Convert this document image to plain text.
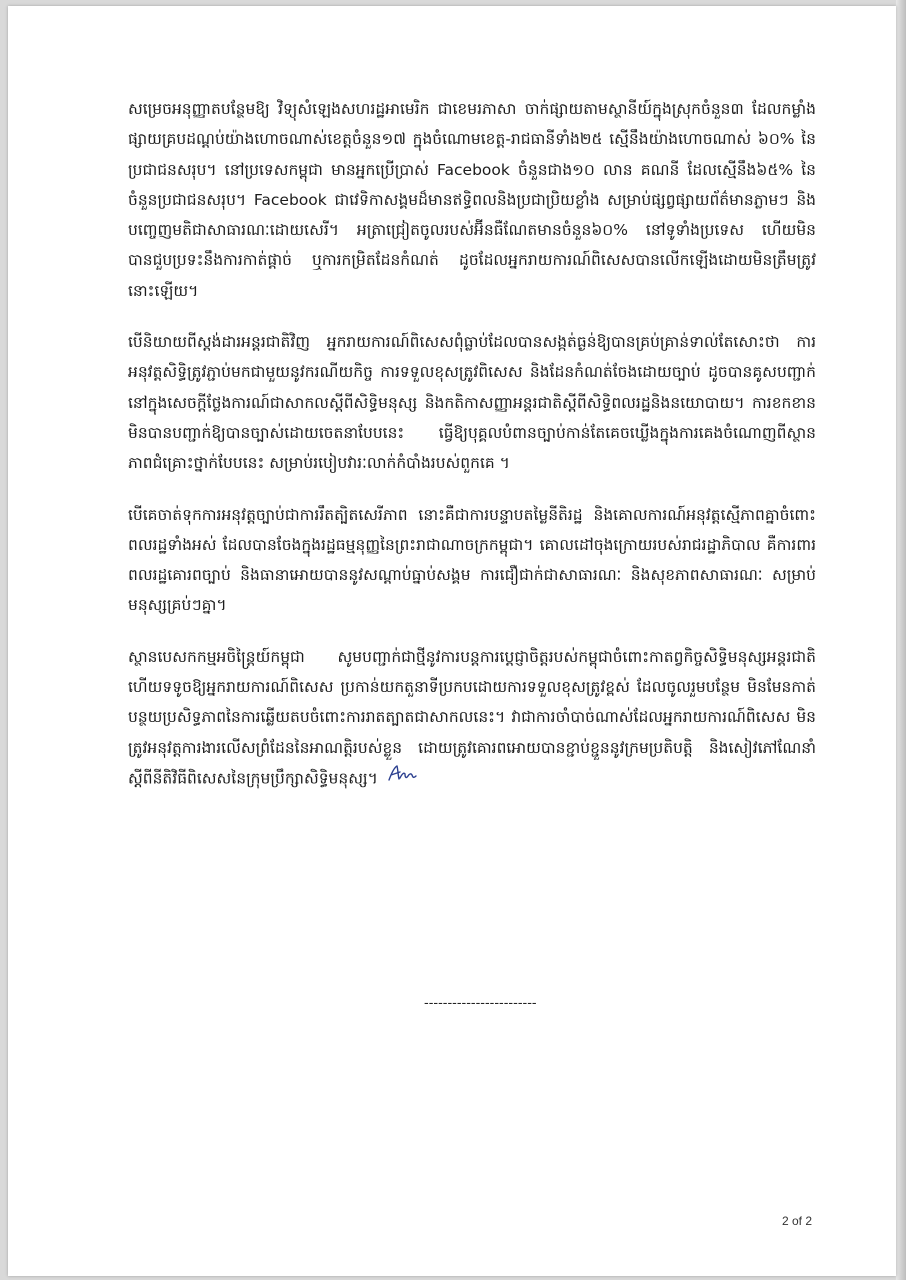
សម្រេចអនុញ្ញាតបន្ថែមឱ្យ វិទ្យុសំឡេងសហរដ្ឋអាមេរិក ជាខេមរភាសា ចាក់ផ្សាយតាមស្ថានីយ៍ក្នុងស្រុកចំនួន៣ ដែលកម្លាំងផ្សាយគ្របដណ្តប់យ៉ាងហោចណាស់ខេត្តចំនួន១៧ ក្នុងចំណោមខេត្ត-រាជធានីទាំង២៥ ស្មើនឹងយ៉ាងហោចណាស់ ៦០% នៃប្រជាជនសរុប។ នៅប្រទេសកម្ពុជា មានអ្នកប្រើប្រាស់ Facebook ចំនួនជាង១០ លាន គណនី ដែលស្មើនឹង៦៥% នៃចំនួនប្រជាជនសរុប។ Facebook ជាវេទិកាសង្គមដ៏មានឥទ្ធិពលនិងប្រជាប្រិយខ្លាំង សម្រាប់ផ្សព្វផ្សាយព័ត៌មានភ្លាមៗ និងបញ្ចេញមតិជាសាធារណៈដោយសេរី។ អត្រាជ្រៀតចូលរបស់អ៊ីនធឺណែតមានចំនួន៦០% នៅទូទាំងប្រទេស ហើយមិនបានជួបប្រទះនឹងការកាត់ផ្តាច់ ឬការកម្រិតដែនកំណត់ ដូចដែលអ្នករាយការណ៍ពិសេសបានលើកឡើងដោយមិនត្រឹមត្រូវ នោះឡើយ។

បើនិយាយពីស្តង់ដារអន្តរជាតិវិញ អ្នករាយការណ៍ពិសេសពុំធ្លាប់ដែលបានសង្កត់ធ្ងន់ឱ្យបានគ្រប់គ្រាន់ទាល់តែសោះថា ការអនុវត្តសិទ្ធិត្រូវភ្ជាប់មកជាមួយនូវករណីយកិច្ច ការទទួលខុសត្រូវពិសេស និងដែនកំណត់ចែងដោយច្បាប់ ដូចបានគូសបញ្ជាក់នៅក្នុងសេចក្តីថ្លែងការណ៍ជាសាកលស្តីពីសិទ្ធិមនុស្ស និងកតិកាសញ្ញាអន្តរជាតិស្តីពីសិទ្ធិពលរដ្ឋនិងនយោបាយ។ ការខកខានមិនបានបញ្ជាក់ឱ្យបានច្បាស់ដោយចេតនាបែបនេះ ធ្វើឱ្យបុគ្គលបំពានច្បាប់កាន់តែគេចឃ្លើងក្នុងការគេងចំណោញពីស្ថានភាពជំគ្រោះថ្នាក់បែបនេះ សម្រាប់របៀបវារៈលាក់កំបាំងរបស់ពួកគេ ។

បើគេចាត់ទុកការអនុវត្តច្បាប់ជាការរឹតត្បិតសេរីភាព នោះគឺជាការបន្ទាបតម្លៃនីតិរដ្ឋ និងគោលការណ៍អនុវត្តស្មើភាពគ្នាចំពោះពលរដ្ឋទាំងអស់ ដែលបានចែងក្នុងរដ្ឋធម្មនុញ្ញនៃព្រះរាជាណាចក្រកម្ពុជា។ គោលដៅចុងក្រោយរបស់រាជរដ្ឋាភិបាល គឺការពារពលរដ្ឋគោរពច្បាប់ និងធានាអោយបាននូវសណ្តាប់ធ្នាប់សង្គម ការជឿជាក់ជាសាធារណៈ និងសុខភាពសាធារណៈ សម្រាប់មនុស្សគ្រប់ៗគ្នា។

ស្ថានបេសកកម្មអចិន្ត្រៃយ៍កម្ពុជា សូមបញ្ជាក់ជាថ្មីនូវការបន្តការប្តេជ្ញាចិត្តរបស់កម្ពុជាចំពោះកាតព្វកិច្ចសិទ្ធិមនុស្សអន្តរជាតិ ហើយទទូចឱ្យអ្នករាយការណ៍ពិសេស ប្រកាន់យកតួនាទីប្រកបដោយការទទួលខុសត្រូវខ្ពស់ ដែលចូលរួមបន្ថែម មិនមែនកាត់បន្ថយប្រសិទ្ធភាពនៃការឆ្លើយតបចំពោះការរាតត្បាតជាសាកលនេះ។ វាជាការចាំបាច់ណាស់ដែលអ្នករាយការណ៍ពិសេស មិនត្រូវអនុវត្តការងារលើសព្រំដែននៃអាណត្តិរបស់ខ្លួន ដោយត្រូវគោរពអោយបានខ្ជាប់ខ្ជួននូវក្រមប្រតិបត្តិ និងសៀវភៅណែនាំស្តីពីនីតិវិធីពិសេសនៃក្រុមប្រឹក្សាសិទ្ធិមនុស្ស។

------------------------
2 of 2
